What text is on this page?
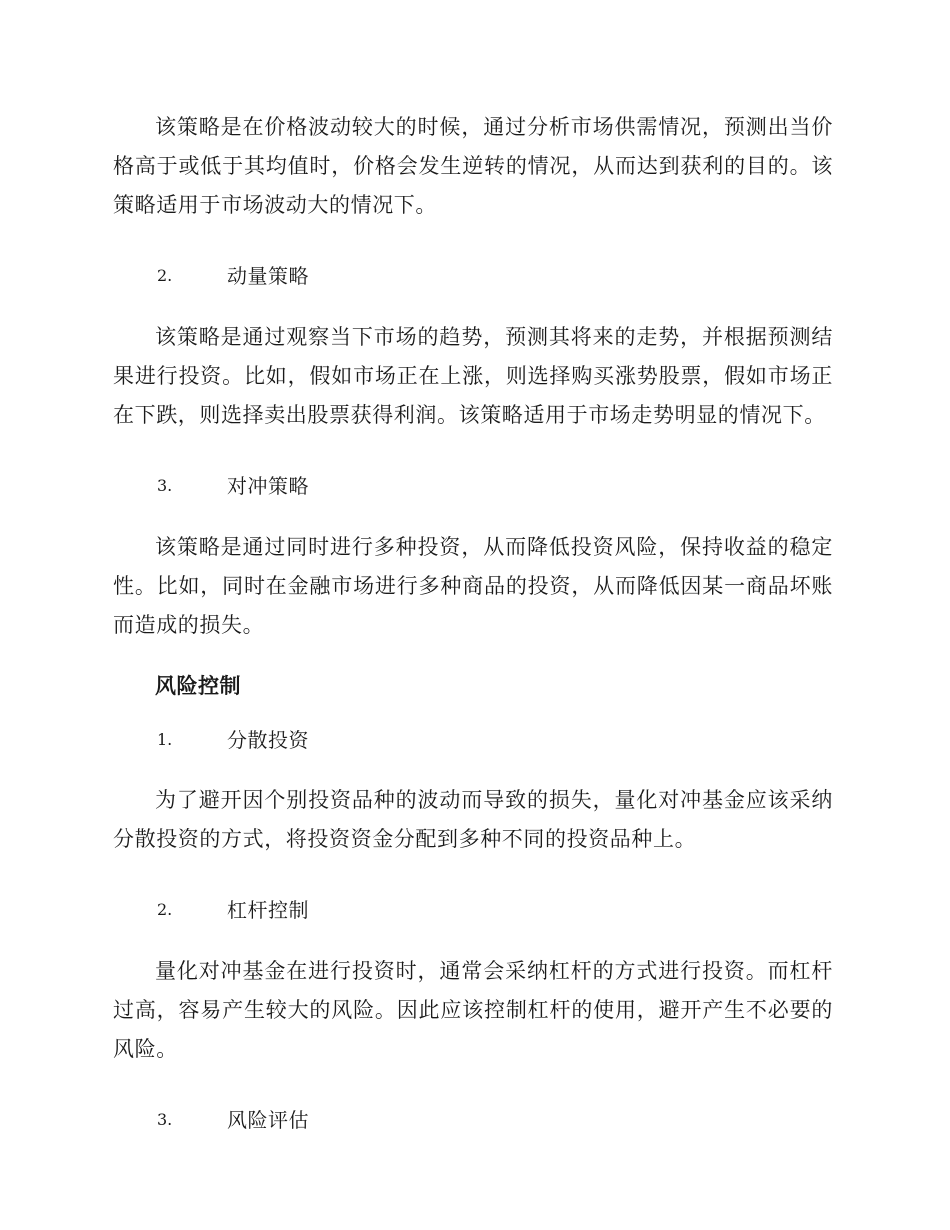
该策略是在价格波动较大的时候，通过分析市场供需情况，预测出当价格高于或低于其均值时，价格会发生逆转的情况，从而达到获利的目的。该策略适用于市场波动大的情况下。

2.	动量策略

该策略是通过观察当下市场的趋势，预测其将来的走势，并根据预测结果进行投资。比如，假如市场正在上涨，则选择购买涨势股票，假如市场正在下跌，则选择卖出股票获得利润。该策略适用于市场走势明显的情况下。

3.	对冲策略

该策略是通过同时进行多种投资，从而降低投资风险，保持收益的稳定性。比如，同时在金融市场进行多种商品的投资，从而降低因某一商品坏账而造成的损失。

风险控制
1.	分散投资

为了避开因个别投资品种的波动而导致的损失，量化对冲基金应该采纳分散投资的方式，将投资资金分配到多种不同的投资品种上。

2.	杠杆控制

量化对冲基金在进行投资时，通常会采纳杠杆的方式进行投资。而杠杆过高，容易产生较大的风险。因此应该控制杠杆的使用，避开产生不必要的风险。

3.	风险评估
